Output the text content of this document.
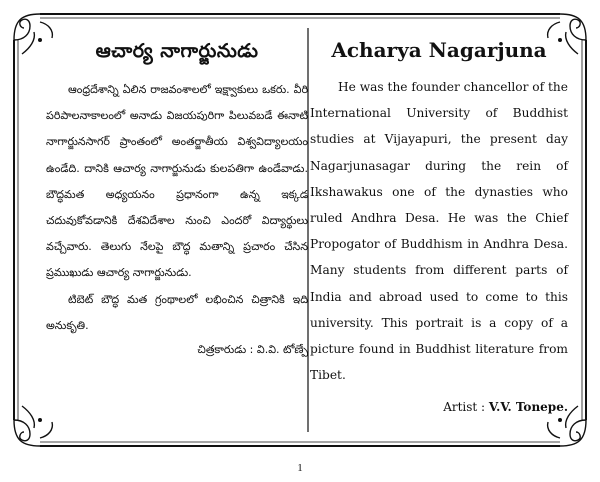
ఆచార్య నాగార్జునుడు

ఆంధ్రదేశాన్ని ఏలిన రాజవంశాలలో ఇక్ష్వాకులు ఒకరు. వీరి పరిపాలనాకాలంలో అనాడు విజయపురిగా పిలువబడే ఈనాటి నాగార్జునసాగర్ ప్రాంతంలో అంతర్జాతీయ విశ్వవిద్యాలయం ఉండేది. దానికి ఆచార్య నాగార్జునుడు కులపతిగా ఉండేవాడు. బౌద్ధమత అధ్యయనం ప్రధానంగా ఉన్న ఇక్కడ చదువుకోవడానికి దేశవిదేశాల నుంచి ఎందరో విద్యార్థులు వచ్చేవారు. తెలుగు నేలపై బౌద్ధ మతాన్ని ప్రచారం చేసిన ప్రముఖుడు ఆచార్య నాగార్జునుడు.

టిబెట్ బౌద్ధ మత గ్రంథాలలో లభించిన చిత్రానికి ఇది అనుకృతి.

చిత్రకారుడు : వి.వి. టోణ్పే
Acharya Nagarjuna

He was the founder chancellor of the International University of Buddhist studies at Vijayapuri, the present day Nagarjunasagar during the rein of Ikshawakus one of the dynasties who ruled Andhra Desa. He was the Chief Propogator of Buddhism in Andhra Desa. Many students from different parts of India and abroad used to come to this university. This portrait is a copy of a picture found in Buddhist literature from Tibet.

Artist : V.V. Tonepe.
1
